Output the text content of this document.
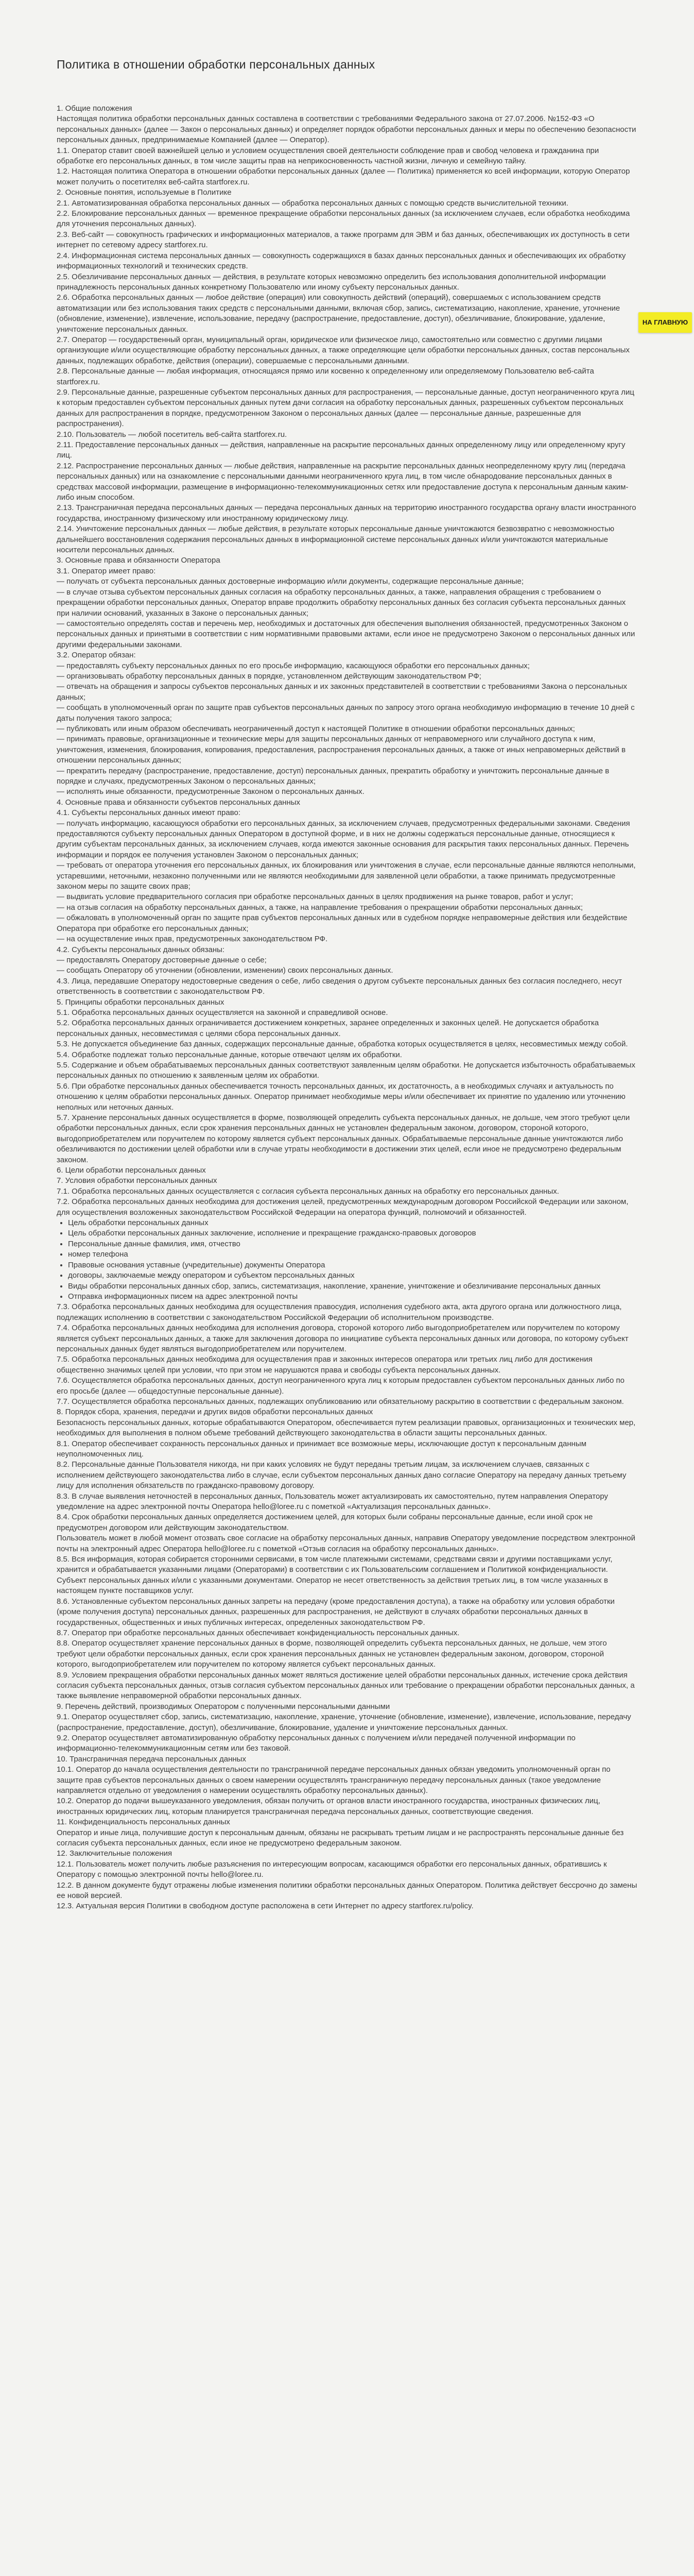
Политика в отношении обработки персональных данных

1. Общие положения

Настоящая политика обработки персональных данных составлена в соответствии с требованиями Федерального закона от 27.07.2006. №152-ФЗ «О персональных данных» (далее — Закон о персональных данных) и определяет порядок обработки персональных данных и меры по обеспечению безопасности персональных данных, предпринимаемые Компанией (далее — Оператор).

1.1. Оператор ставит своей важнейшей целью и условием осуществления своей деятельности соблюдение прав и свобод человека и гражданина при обработке его персональных данных, в том числе защиты прав на неприкосновенность частной жизни, личную и семейную тайну.

1.2. Настоящая политика Оператора в отношении обработки персональных данных (далее — Политика) применяется ко всей информации, которую Оператор может получить о посетителях веб-сайта startforex.ru.

2. Основные понятия, используемые в Политике

2.1. Автоматизированная обработка персональных данных — обработка персональных данных с помощью средств вычислительной техники.

2.2. Блокирование персональных данных — временное прекращение обработки персональных данных (за исключением случаев, если обработка необходима для уточнения персональных данных).

2.3. Веб-сайт — совокупность графических и информационных материалов, а также программ для ЭВМ и баз данных, обеспечивающих их доступность в сети интернет по сетевому адресу startforex.ru.

2.4. Информационная система персональных данных — совокупность содержащихся в базах данных персональных данных и обеспечивающих их обработку информационных технологий и технических средств.

2.5. Обезличивание персональных данных — действия, в результате которых невозможно определить без использования дополнительной информации принадлежность персональных данных конкретному Пользователю или иному субъекту персональных данных.

2.6. Обработка персональных данных — любое действие (операция) или совокупность действий (операций), совершаемых с использованием средств автоматизации или без использования таких средств с персональными данными, включая сбор, запись, систематизацию, накопление, хранение, уточнение (обновление, изменение), извлечение, использование, передачу (распространение, предоставление, доступ), обезличивание, блокирование, удаление, уничтожение персональных данных.

2.7. Оператор — государственный орган, муниципальный орган, юридическое или физическое лицо, самостоятельно или совместно с другими лицами организующие и/или осуществляющие обработку персональных данных, а также определяющие цели обработки персональных данных, состав персональных данных, подлежащих обработке, действия (операции), совершаемые с персональными данными.

2.8. Персональные данные — любая информация, относящаяся прямо или косвенно к определенному или определяемому Пользователю веб-сайта startforex.ru.

2.9. Персональные данные, разрешенные субъектом персональных данных для распространения, — персональные данные, доступ неограниченного круга лиц к которым предоставлен субъектом персональных данных путем дачи согласия на обработку персональных данных, разрешенных субъектом персональных данных для распространения в порядке, предусмотренном Законом о персональных данных (далее — персональные данные, разрешенные для распространения).

2.10. Пользователь — любой посетитель веб-сайта startforex.ru.

2.11. Предоставление персональных данных — действия, направленные на раскрытие персональных данных определенному лицу или определенному кругу лиц.

2.12. Распространение персональных данных — любые действия, направленные на раскрытие персональных данных неопределенному кругу лиц (передача персональных данных) или на ознакомление с персональными данными неограниченного круга лиц, в том числе обнародование персональных данных в средствах массовой информации, размещение в информационно-телекоммуникационных сетях или предоставление доступа к персональным данным каким-либо иным способом.

2.13. Трансграничная передача персональных данных — передача персональных данных на территорию иностранного государства органу власти иностранного государства, иностранному физическому или иностранному юридическому лицу.

2.14. Уничтожение персональных данных — любые действия, в результате которых персональные данные уничтожаются безвозвратно с невозможностью дальнейшего восстановления содержания персональных данных в информационной системе персональных данных и/или уничтожаются материальные носители персональных данных.

3. Основные права и обязанности Оператора

3.1. Оператор имеет право:

— получать от субъекта персональных данных достоверные информацию и/или документы, содержащие персональные данные;

— в случае отзыва субъектом персональных данных согласия на обработку персональных данных, а также, направления обращения с требованием о прекращении обработки персональных данных, Оператор вправе продолжить обработку персональных данных без согласия субъекта персональных данных при наличии оснований, указанных в Законе о персональных данных;

— самостоятельно определять состав и перечень мер, необходимых и достаточных для обеспечения выполнения обязанностей, предусмотренных Законом о персональных данных и принятыми в соответствии с ним нормативными правовыми актами, если иное не предусмотрено Законом о персональных данных или другими федеральными законами.

3.2. Оператор обязан:

— предоставлять субъекту персональных данных по его просьбе информацию, касающуюся обработки его персональных данных;

— организовывать обработку персональных данных в порядке, установленном действующим законодательством РФ;

— отвечать на обращения и запросы субъектов персональных данных и их законных представителей в соответствии с требованиями Закона о персональных данных;

— сообщать в уполномоченный орган по защите прав субъектов персональных данных по запросу этого органа необходимую информацию в течение 10 дней с даты получения такого запроса;

— публиковать или иным образом обеспечивать неограниченный доступ к настоящей Политике в отношении обработки персональных данных;

— принимать правовые, организационные и технические меры для защиты персональных данных от неправомерного или случайного доступа к ним, уничтожения, изменения, блокирования, копирования, предоставления, распространения персональных данных, а также от иных неправомерных действий в отношении персональных данных;

— прекратить передачу (распространение, предоставление, доступ) персональных данных, прекратить обработку и уничтожить персональные данные в порядке и случаях, предусмотренных Законом о персональных данных;

— исполнять иные обязанности, предусмотренные Законом о персональных данных.

4. Основные права и обязанности субъектов персональных данных

4.1. Субъекты персональных данных имеют право:

— получать информацию, касающуюся обработки его персональных данных, за исключением случаев, предусмотренных федеральными законами. Сведения предоставляются субъекту персональных данных Оператором в доступной форме, и в них не должны содержаться персональные данные, относящиеся к другим субъектам персональных данных, за исключением случаев, когда имеются законные основания для раскрытия таких персональных данных. Перечень информации и порядок ее получения установлен Законом о персональных данных;

— требовать от оператора уточнения его персональных данных, их блокирования или уничтожения в случае, если персональные данные являются неполными, устаревшими, неточными, незаконно полученными или не являются необходимыми для заявленной цели обработки, а также принимать предусмотренные законом меры по защите своих прав;

— выдвигать условие предварительного согласия при обработке персональных данных в целях продвижения на рынке товаров, работ и услуг;

— на отзыв согласия на обработку персональных данных, а также, на направление требования о прекращении обработки персональных данных;

— обжаловать в уполномоченный орган по защите прав субъектов персональных данных или в судебном порядке неправомерные действия или бездействие Оператора при обработке его персональных данных;

— на осуществление иных прав, предусмотренных законодательством РФ.

4.2. Субъекты персональных данных обязаны:

— предоставлять Оператору достоверные данные о себе;

— сообщать Оператору об уточнении (обновлении, изменении) своих персональных данных.

4.3. Лица, передавшие Оператору недостоверные сведения о себе, либо сведения о другом субъекте персональных данных без согласия последнего, несут ответственность в соответствии с законодательством РФ.

5. Принципы обработки персональных данных

5.1. Обработка персональных данных осуществляется на законной и справедливой основе.

5.2. Обработка персональных данных ограничивается достижением конкретных, заранее определенных и законных целей. Не допускается обработка персональных данных, несовместимая с целями сбора персональных данных.

5.3. Не допускается объединение баз данных, содержащих персональные данные, обработка которых осуществляется в целях, несовместимых между собой.

5.4. Обработке подлежат только персональные данные, которые отвечают целям их обработки.

5.5. Содержание и объем обрабатываемых персональных данных соответствуют заявленным целям обработки. Не допускается избыточность обрабатываемых персональных данных по отношению к заявленным целям их обработки.

5.6. При обработке персональных данных обеспечивается точность персональных данных, их достаточность, а в необходимых случаях и актуальность по отношению к целям обработки персональных данных. Оператор принимает необходимые меры и/или обеспечивает их принятие по удалению или уточнению неполных или неточных данных.

5.7. Хранение персональных данных осуществляется в форме, позволяющей определить субъекта персональных данных, не дольше, чем этого требуют цели обработки персональных данных, если срок хранения персональных данных не установлен федеральным законом, договором, стороной которого, выгодоприобретателем или поручителем по которому является субъект персональных данных. Обрабатываемые персональные данные уничтожаются либо обезличиваются по достижении целей обработки или в случае утраты необходимости в достижении этих целей, если иное не предусмотрено федеральным законом.

6. Цели обработки персональных данных

7. Условия обработки персональных данных

7.1. Обработка персональных данных осуществляется с согласия субъекта персональных данных на обработку его персональных данных.

7.2. Обработка персональных данных необходима для достижения целей, предусмотренных международным договором Российской Федерации или законом, для осуществления возложенных законодательством Российской Федерации на оператора функций, полномочий и обязанностей.

• Цель обработки персональных данных
• Цель обработки персональных данных заключение, исполнение и прекращение гражданско-правовых договоров
• Персональные данные фамилия, имя, отчество
• номер телефона
• Правовые основания уставные (учредительные) документы Оператора
• договоры, заключаемые между оператором и субъектом персональных данных
• Виды обработки персональных данных сбор, запись, систематизация, накопление, хранение, уничтожение и обезличивание персональных данных
• Отправка информационных писем на адрес электронной почты

7.3. Обработка персональных данных необходима для осуществления правосудия, исполнения судебного акта, акта другого органа или должностного лица, подлежащих исполнению в соответствии с законодательством Российской Федерации об исполнительном производстве.

7.4. Обработка персональных данных необходима для исполнения договора, стороной которого либо выгодоприобретателем или поручителем по которому является субъект персональных данных, а также для заключения договора по инициативе субъекта персональных данных или договора, по которому субъект персональных данных будет являться выгодоприобретателем или поручителем.

7.5. Обработка персональных данных необходима для осуществления прав и законных интересов оператора или третьих лиц либо для достижения общественно значимых целей при условии, что при этом не нарушаются права и свободы субъекта персональных данных.

7.6. Осуществляется обработка персональных данных, доступ неограниченного круга лиц к которым предоставлен субъектом персональных данных либо по его просьбе (далее — общедоступные персональные данные).

7.7. Осуществляется обработка персональных данных, подлежащих опубликованию или обязательному раскрытию в соответствии с федеральным законом.

8. Порядок сбора, хранения, передачи и других видов обработки персональных данных

Безопасность персональных данных, которые обрабатываются Оператором, обеспечивается путем реализации правовых, организационных и технических мер, необходимых для выполнения в полном объеме требований действующего законодательства в области защиты персональных данных.

8.1. Оператор обеспечивает сохранность персональных данных и принимает все возможные меры, исключающие доступ к персональным данным неуполномоченных лиц.

8.2. Персональные данные Пользователя никогда, ни при каких условиях не будут переданы третьим лицам, за исключением случаев, связанных с исполнением действующего законодательства либо в случае, если субъектом персональных данных дано согласие Оператору на передачу данных третьему лицу для исполнения обязательств по гражданско-правовому договору.

8.3. В случае выявления неточностей в персональных данных, Пользователь может актуализировать их самостоятельно, путем направления Оператору уведомление на адрес электронной почты Оператора hello@loree.ru с пометкой «Актуализация персональных данных».

8.4. Срок обработки персональных данных определяется достижением целей, для которых были собраны персональные данные, если иной срок не предусмотрен договором или действующим законодательством.

Пользователь может в любой момент отозвать свое согласие на обработку персональных данных, направив Оператору уведомление посредством электронной почты на электронный адрес Оператора hello@loree.ru с пометкой «Отзыв согласия на обработку персональных данных».

8.5. Вся информация, которая собирается сторонними сервисами, в том числе платежными системами, средствами связи и другими поставщиками услуг, хранится и обрабатывается указанными лицами (Операторами) в соответствии с их Пользовательским соглашением и Политикой конфиденциальности. Субъект персональных данных и/или с указанными документами. Оператор не несет ответственность за действия третьих лиц, в том числе указанных в настоящем пункте поставщиков услуг.

8.6. Установленные субъектом персональных данных запреты на передачу (кроме предоставления доступа), а также на обработку или условия обработки (кроме получения доступа) персональных данных, разрешенных для распространения, не действуют в случаях обработки персональных данных в государственных, общественных и иных публичных интересах, определенных законодательством РФ.

8.7. Оператор при обработке персональных данных обеспечивает конфиденциальность персональных данных.

8.8. Оператор осуществляет хранение персональных данных в форме, позволяющей определить субъекта персональных данных, не дольше, чем этого требуют цели обработки персональных данных, если срок хранения персональных данных не установлен федеральным законом, договором, стороной которого, выгодоприобретателем или поручителем по которому является субъект персональных данных.

8.9. Условием прекращения обработки персональных данных может являться достижение целей обработки персональных данных, истечение срока действия согласия субъекта персональных данных, отзыв согласия субъектом персональных данных или требование о прекращении обработки персональных данных, а также выявление неправомерной обработки персональных данных.

9. Перечень действий, производимых Оператором с полученными персональными данными

9.1. Оператор осуществляет сбор, запись, систематизацию, накопление, хранение, уточнение (обновление, изменение), извлечение, использование, передачу (распространение, предоставление, доступ), обезличивание, блокирование, удаление и уничтожение персональных данных.

9.2. Оператор осуществляет автоматизированную обработку персональных данных с получением и/или передачей полученной информации по информационно-телекоммуникационным сетям или без таковой.

10. Трансграничная передача персональных данных

10.1. Оператор до начала осуществления деятельности по трансграничной передаче персональных данных обязан уведомить уполномоченный орган по защите прав субъектов персональных данных о своем намерении осуществлять трансграничную передачу персональных данных (такое уведомление направляется отдельно от уведомления о намерении осуществлять обработку персональных данных).

10.2. Оператор до подачи вышеуказанного уведомления, обязан получить от органов власти иностранного государства, иностранных физических лиц, иностранных юридических лиц, которым планируется трансграничная передача персональных данных, соответствующие сведения.

11. Конфиденциальность персональных данных

Оператор и иные лица, получившие доступ к персональным данным, обязаны не раскрывать третьим лицам и не распространять персональные данные без согласия субъекта персональных данных, если иное не предусмотрено федеральным законом.

12. Заключительные положения

12.1. Пользователь может получить любые разъяснения по интересующим вопросам, касающимся обработки его персональных данных, обратившись к Оператору с помощью электронной почты hello@loree.ru.

12.2. В данном документе будут отражены любые изменения политики обработки персональных данных Оператором. Политика действует бессрочно до замены ее новой версией.

12.3. Актуальная версия Политики в свободном доступе расположена в сети Интернет по адресу startforex.ru/policy.

НА ГЛАВНУЮ
